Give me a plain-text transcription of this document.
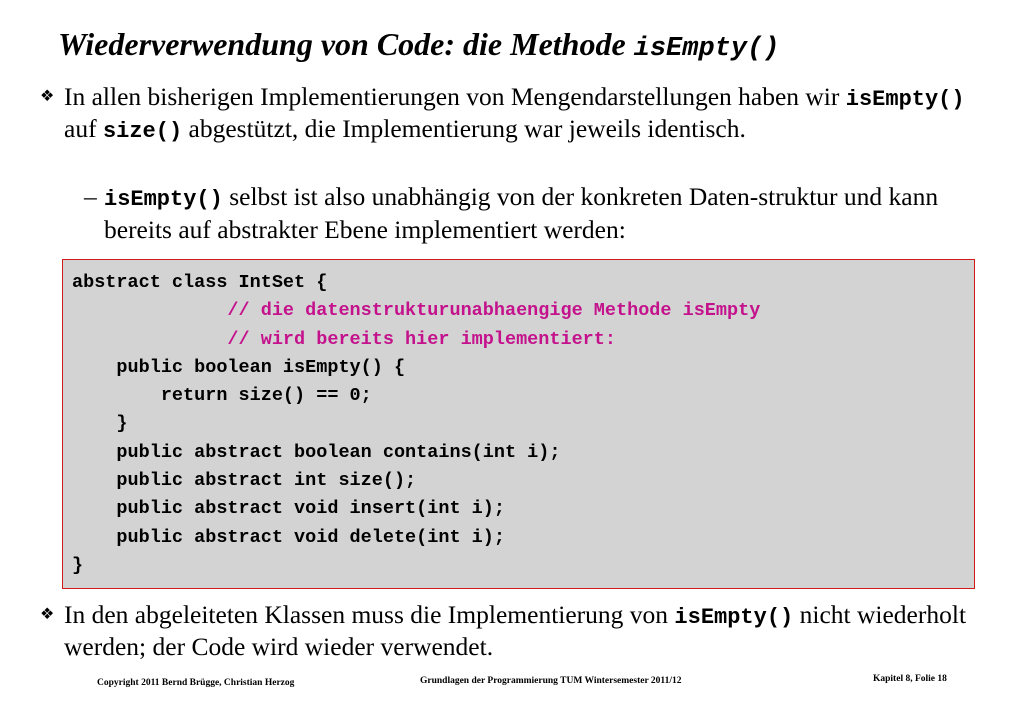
Wiederverwendung von Code: die Methode isEmpty()
❖ In allen bisherigen Implementierungen von Mengendarstellungen haben wir isEmpty() auf size() abgestützt, die Implementierung war jeweils identisch.
– isEmpty() selbst ist also unabhängig von der konkreten Daten-struktur und kann bereits auf abstrakter Ebene implementiert werden:
abstract class IntSet {
// die datenstrukturunabhaengige Methode isEmpty
// wird bereits hier implementiert:
public boolean isEmpty() {
return size() == 0;
}
public abstract boolean contains(int i);
public abstract int size();
public abstract void insert(int i);
public abstract void delete(int i);
}
❖ In den abgeleiteten Klassen muss die Implementierung von isEmpty() nicht wiederholt werden; der Code wird wieder verwendet.
Copyright 2011 Bernd Brügge, Christian Herzog	Grundlagen der Programmierung TUM Wintersemester 2011/12	Kapitel 8, Folie 18
